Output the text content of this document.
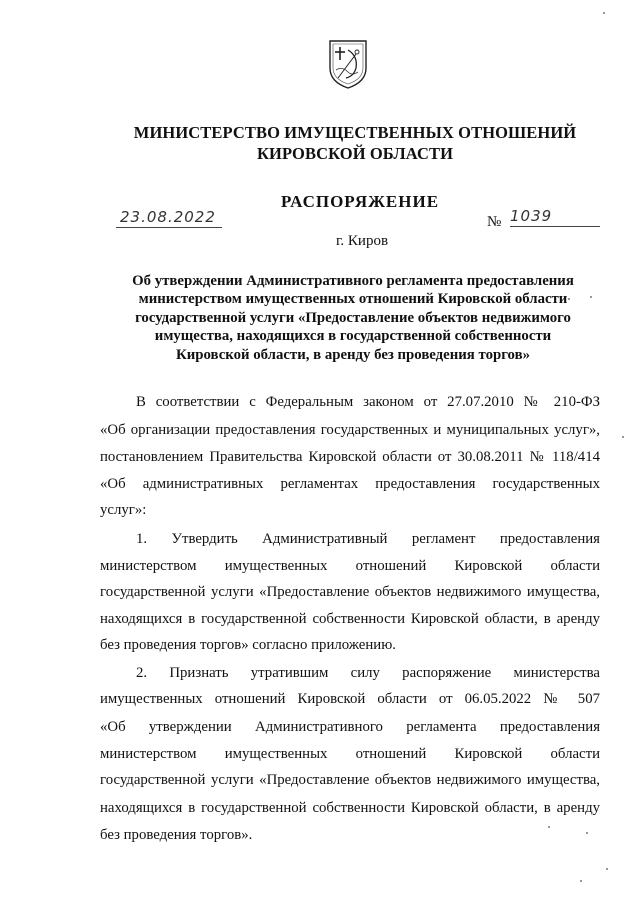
МИНИСТЕРСТВО ИМУЩЕСТВЕННЫХ ОТНОШЕНИЙ
КИРОВСКОЙ ОБЛАСТИ
РАСПОРЯЖЕНИЕ
23.08.2022	№ 1039
г. Киров
Об утверждении Административного регламента предоставления
министерством имущественных отношений Кировской области
государственной услуги «Предоставление объектов недвижимого
имущества, находящихся в государственной собственности
Кировской области, в аренду без проведения торгов»
В соответствии с Федеральным законом от 27.07.2010 № 210-ФЗ
«Об организации предоставления государственных и муниципальных услуг»,
постановлением Правительства Кировской области от 30.08.2011 № 118/414
«Об административных регламентах предоставления государственных
услуг»:
1. Утвердить Административный регламент предоставления
министерством имущественных отношений Кировской области
государственной услуги «Предоставление объектов недвижимого имущества,
находящихся в государственной собственности Кировской области, в аренду
без проведения торгов» согласно приложению.
2. Признать утратившим силу распоряжение министерства
имущественных отношений Кировской области от 06.05.2022 № 507
«Об утверждении Административного регламента предоставления
министерством имущественных отношений Кировской области
государственной услуги «Предоставление объектов недвижимого имущества,
находящихся в государственной собственности Кировской области, в аренду
без проведения торгов».
